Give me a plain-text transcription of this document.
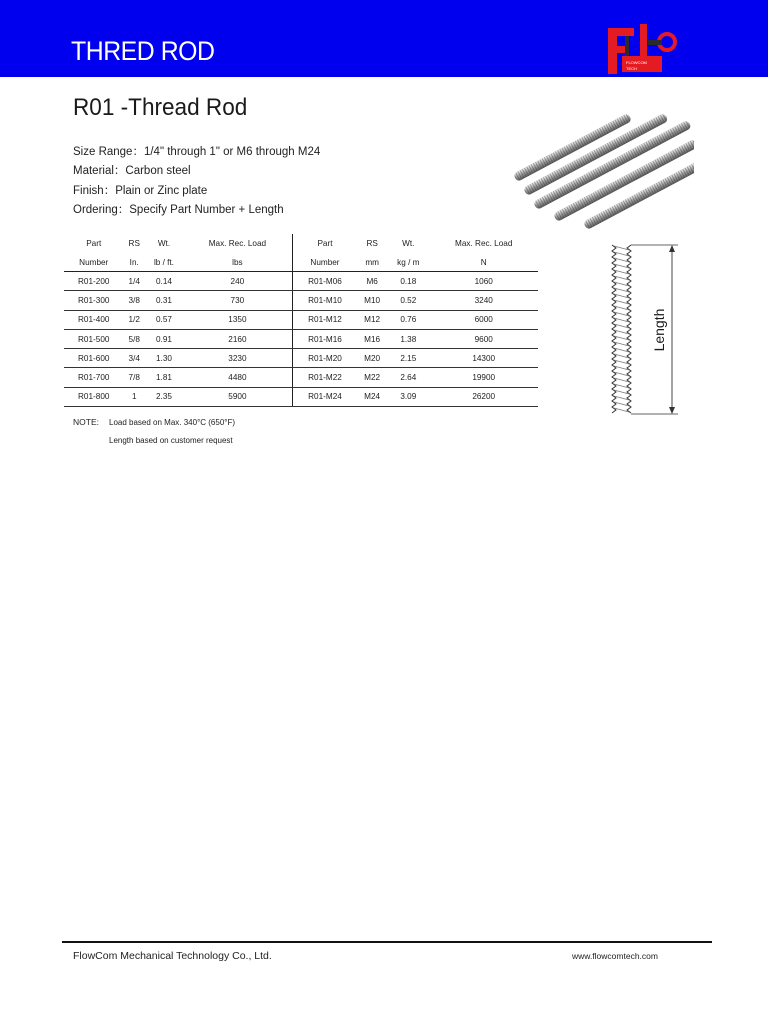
THRED ROD	FLOWCOM
TECH
R01 -Thread Rod
Size Range：1/4" through 1" or M6 through M24
Material：Carbon steel
Finish：Plain or Zinc plate
Ordering：Specify Part Number + Length
Part	RS	Wt.	Max. Rec. Load	Part	RS	Wt.	Max. Rec. Load
Number	In.	lb / ft.	lbs	Number	mm	kg / m	N
R01-200	1/4	0.14	240	R01-M06	M6	0.18	1060
R01-300	3/8	0.31	730	R01-M10	M10	0.52	3240
R01-400	1/2	0.57	1350	R01-M12	M12	0.76	6000
R01-500	5/8	0.91	2160	R01-M16	M16	1.38	9600
R01-600	3/4	1.30	3230	R01-M20	M20	2.15	14300
R01-700	7/8	1.81	4480	R01-M22	M22	2.64	19900
R01-800	1	2.35	5900	R01-M24	M24	3.09	26200
Length
NOTE: Load based on Max. 340°C (650°F)
Length based on customer request
FlowCom Mechanical Technology Co., Ltd.	www.flowcomtech.com
